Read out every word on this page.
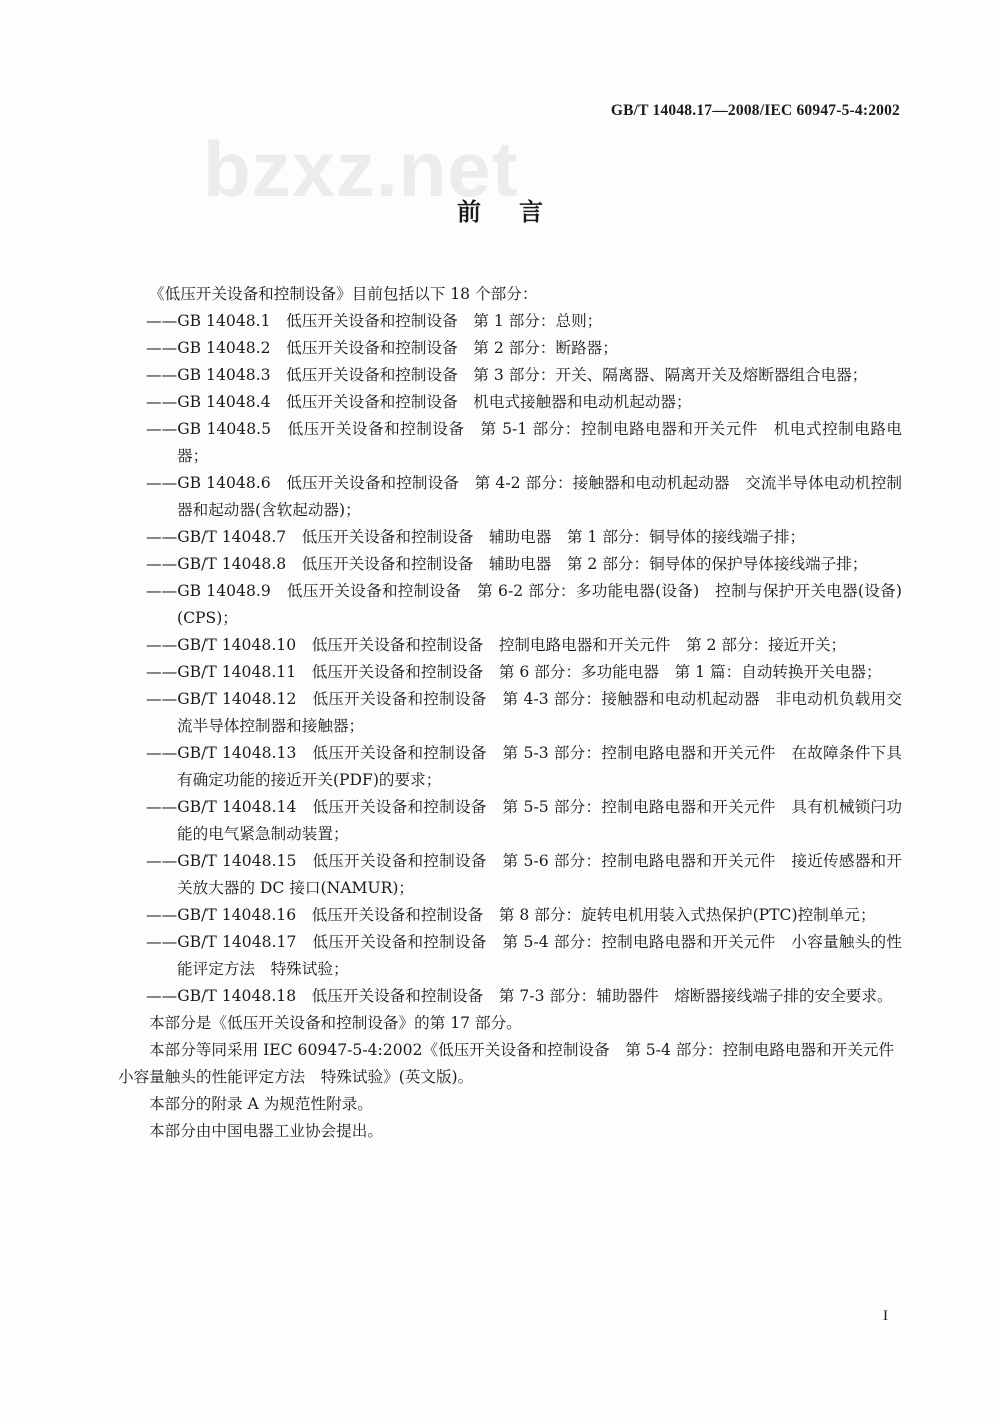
GB/T 14048.17—2008/IEC 60947-5-4:2002
bzxz.net
前言

《低压开关设备和控制设备》目前包括以下 18 个部分：

——GB 14048.1　低压开关设备和控制设备　第 1 部分：总则；
——GB 14048.2　低压开关设备和控制设备　第 2 部分：断路器；
——GB 14048.3　低压开关设备和控制设备　第 3 部分：开关、隔离器、隔离开关及熔断器组合电器；
——GB 14048.4　低压开关设备和控制设备　机电式接触器和电动机起动器；
——GB 14048.5　低压开关设备和控制设备　第 5-1 部分：控制电路电器和开关元件　机电式控制电路电器；
——GB 14048.6　低压开关设备和控制设备　第 4-2 部分：接触器和电动机起动器　交流半导体电动机控制器和起动器(含软起动器)；
——GB/T 14048.7　低压开关设备和控制设备　辅助电器　第 1 部分：铜导体的接线端子排；
——GB/T 14048.8　低压开关设备和控制设备　辅助电器　第 2 部分：铜导体的保护导体接线端子排；
——GB 14048.9　低压开关设备和控制设备　第 6-2 部分：多功能电器(设备)　控制与保护开关电器(设备)(CPS)；
——GB/T 14048.10　低压开关设备和控制设备　控制电路电器和开关元件　第 2 部分：接近开关；
——GB/T 14048.11　低压开关设备和控制设备　第 6 部分：多功能电器　第 1 篇：自动转换开关电器；
——GB/T 14048.12　低压开关设备和控制设备　第 4-3 部分：接触器和电动机起动器　非电动机负载用交流半导体控制器和接触器；
——GB/T 14048.13　低压开关设备和控制设备　第 5-3 部分：控制电路电器和开关元件　在故障条件下具有确定功能的接近开关(PDF)的要求；
——GB/T 14048.14　低压开关设备和控制设备　第 5-5 部分：控制电路电器和开关元件　具有机械锁闩功能的电气紧急制动装置；
——GB/T 14048.15　低压开关设备和控制设备　第 5-6 部分：控制电路电器和开关元件　接近传感器和开关放大器的 DC 接口(NAMUR)；
——GB/T 14048.16　低压开关设备和控制设备　第 8 部分：旋转电机用装入式热保护(PTC)控制单元；
——GB/T 14048.17　低压开关设备和控制设备　第 5-4 部分：控制电路电器和开关元件　小容量触头的性能评定方法　特殊试验；
——GB/T 14048.18　低压开关设备和控制设备　第 7-3 部分：辅助器件　熔断器接线端子排的安全要求。

本部分是《低压开关设备和控制设备》的第 17 部分。

本部分等同采用 IEC 60947-5-4:2002《低压开关设备和控制设备　第 5-4 部分：控制电路电器和开关元件　小容量触头的性能评定方法　特殊试验》(英文版)。

本部分的附录 A 为规范性附录。

本部分由中国电器工业协会提出。

I
